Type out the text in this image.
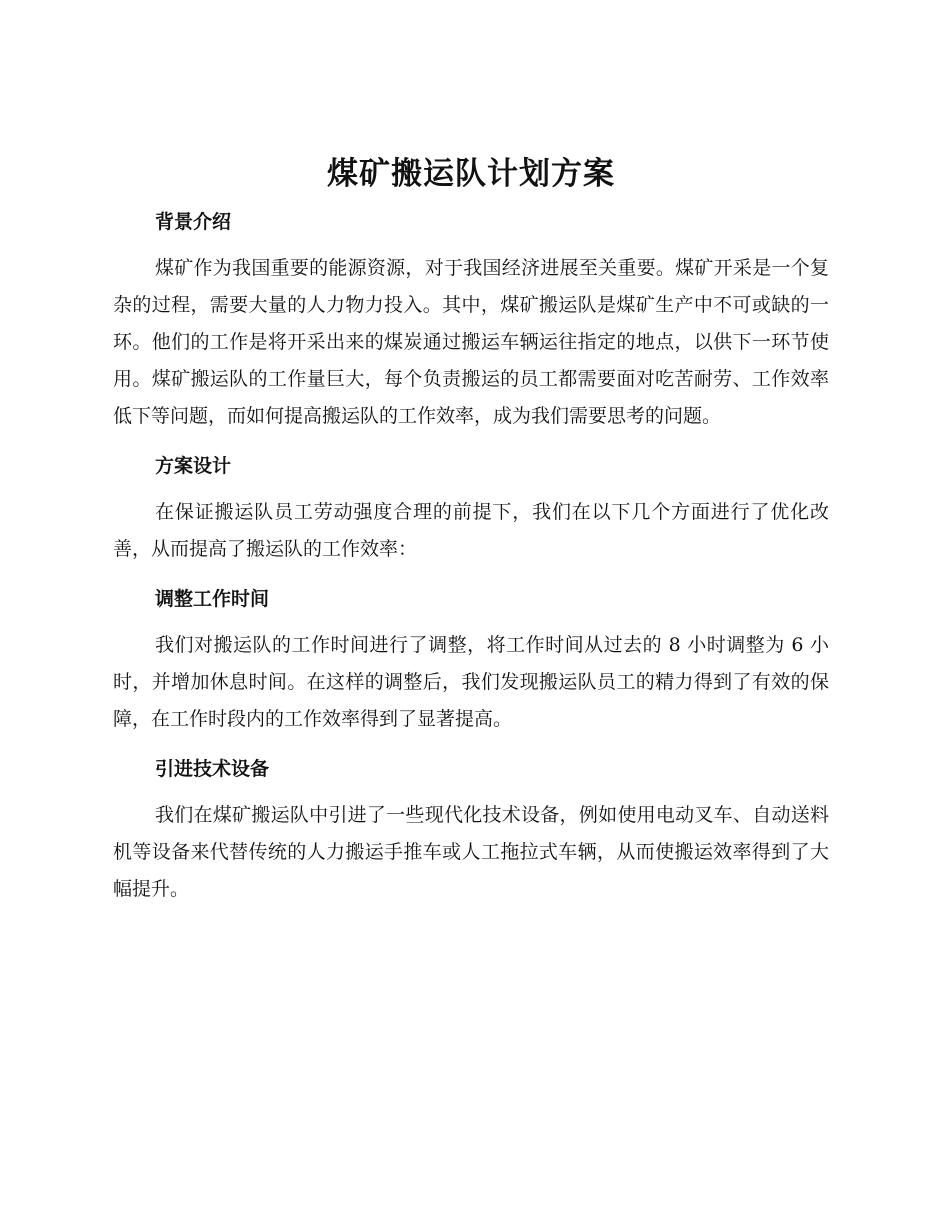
煤矿搬运队计划方案
背景介绍

煤矿作为我国重要的能源资源，对于我国经济进展至关重要。煤矿开采是一个复杂的过程，需要大量的人力物力投入。其中，煤矿搬运队是煤矿生产中不可或缺的一环。他们的工作是将开采出来的煤炭通过搬运车辆运往指定的地点，以供下一环节使用。煤矿搬运队的工作量巨大，每个负责搬运的员工都需要面对吃苦耐劳、工作效率低下等问题，而如何提高搬运队的工作效率，成为我们需要思考的问题。

方案设计

在保证搬运队员工劳动强度合理的前提下，我们在以下几个方面进行了优化改善，从而提高了搬运队的工作效率：

调整工作时间

我们对搬运队的工作时间进行了调整，将工作时间从过去的 8 小时调整为 6 小时，并增加休息时间。在这样的调整后，我们发现搬运队员工的精力得到了有效的保障，在工作时段内的工作效率得到了显著提高。

引进技术设备

我们在煤矿搬运队中引进了一些现代化技术设备，例如使用电动叉车、自动送料机等设备来代替传统的人力搬运手推车或人工拖拉式车辆，从而使搬运效率得到了大幅提升。
